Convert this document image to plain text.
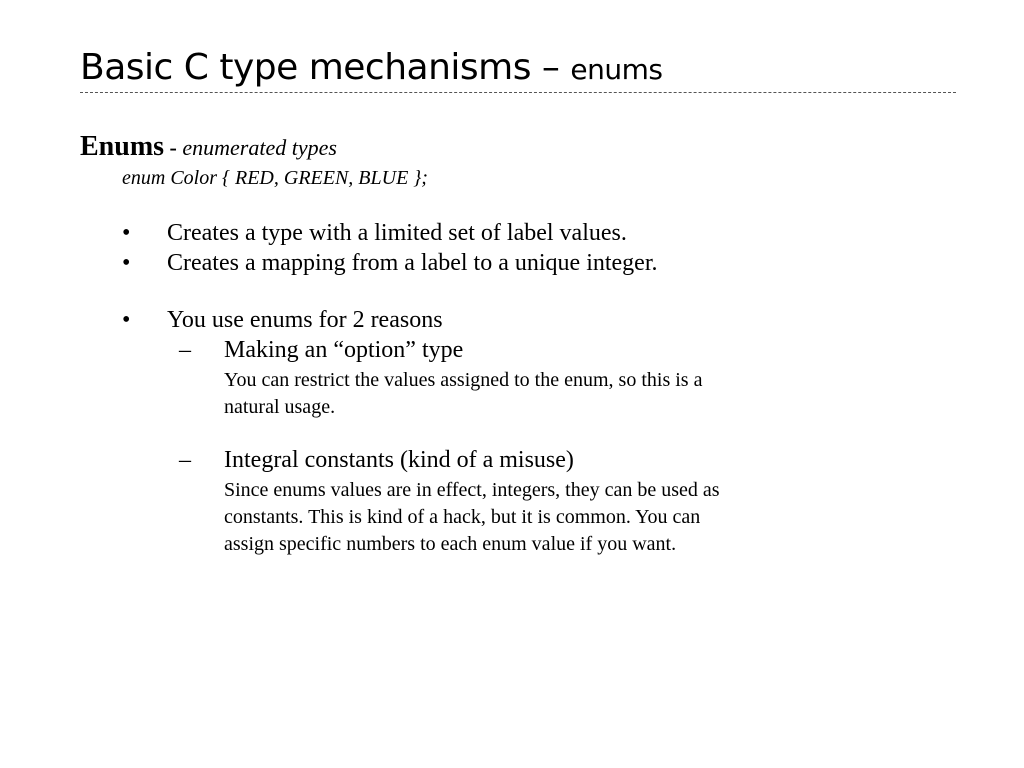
Basic C type mechanisms – enums
Enums - enumerated types
enum Color { RED, GREEN, BLUE };
• Creates a type with a limited set of label values.
• Creates a mapping from a label to a unique integer.
• You use enums for 2 reasons
– Making an “option” type
You can restrict the values assigned to the enum, so this is a
natural usage.
– Integral constants (kind of a misuse)
Since enums values are in effect, integers, they can be used as
constants. This is kind of a hack, but it is common. You can
assign specific numbers to each enum value if you want.
